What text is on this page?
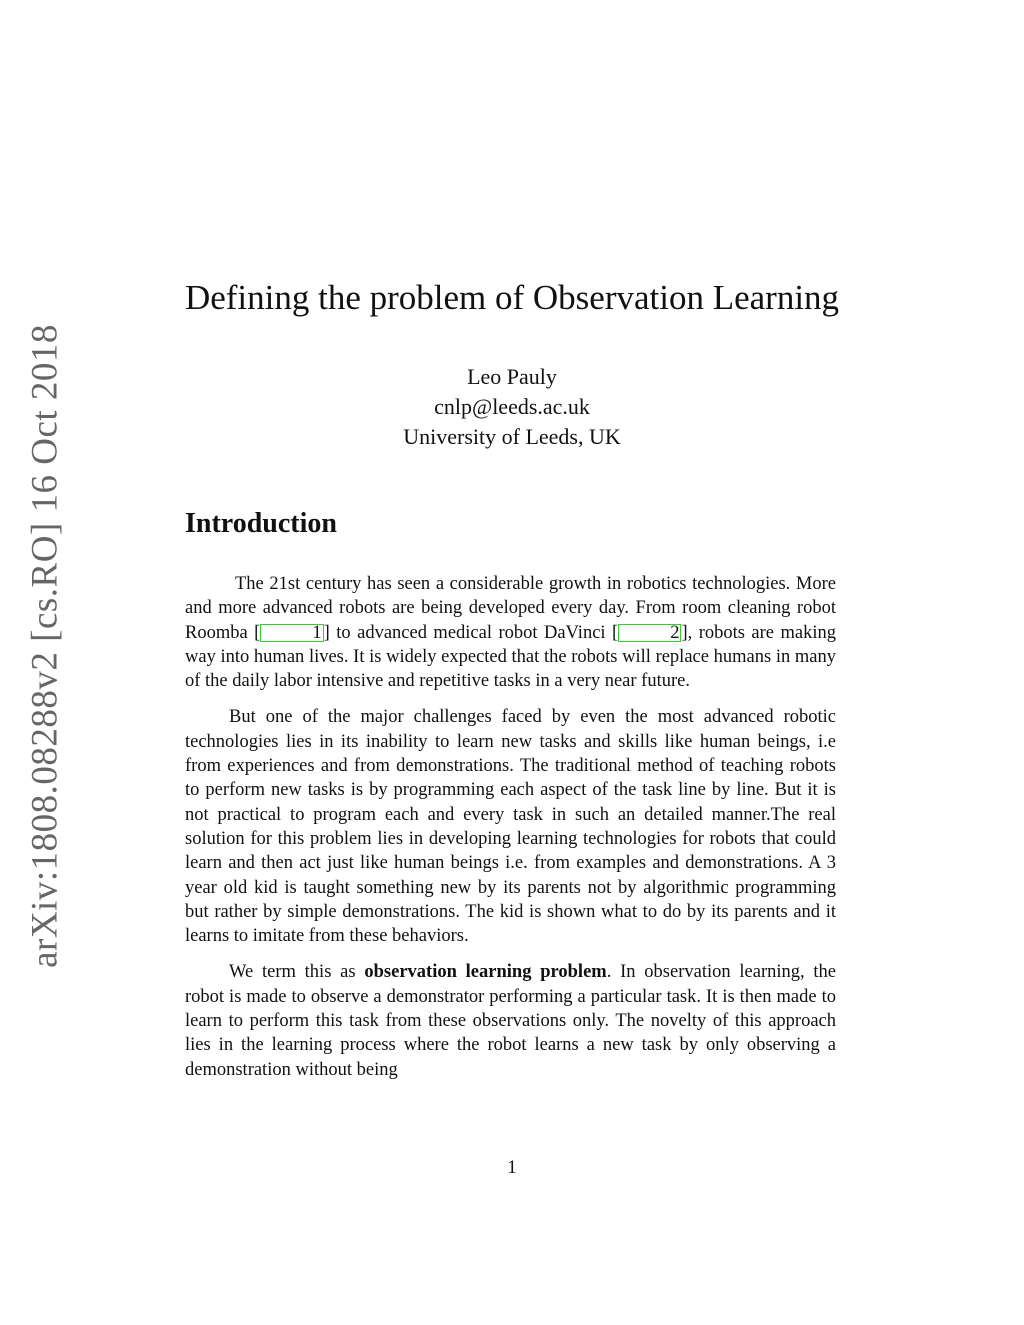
arXiv:1808.08288v2 [cs.RO] 16 Oct 2018
Defining the problem of Observation Learning
Leo Pauly
cnlp@leeds.ac.uk
University of Leeds, UK
Introduction

The 21st century has seen a considerable growth in robotics technologies. More and more advanced robots are being developed every day. From room cleaning robot Roomba [	1 ] to advanced medical robot DaVinci [	2 ], robots are making way into human lives. It is widely expected that the robots will replace humans in many of the daily labor intensive and repetitive tasks in a very near future.

But one of the major challenges faced by even the most advanced robotic technologies lies in its inability to learn new tasks and skills like human beings, i.e from experiences and from demonstrations. The traditional method of teaching robots to perform new tasks is by programming each aspect of the task line by line. But it is not practical to program each and every task in such an detailed manner.The real solution for this problem lies in developing learning technologies for robots that could learn and then act just like human beings i.e. from examples and demonstrations. A 3 year old kid is taught something new by its parents not by algorithmic programming but rather by simple demonstrations. The kid is shown what to do by its parents and it learns to imitate from these behaviors.

We term this as observation learning problem. In observation learning, the robot is made to observe a demonstrator performing a particular task. It is then made to learn to perform this task from these observations only. The novelty of this approach lies in the learning process where the robot learns a new task by only observing a demonstration without being

1
